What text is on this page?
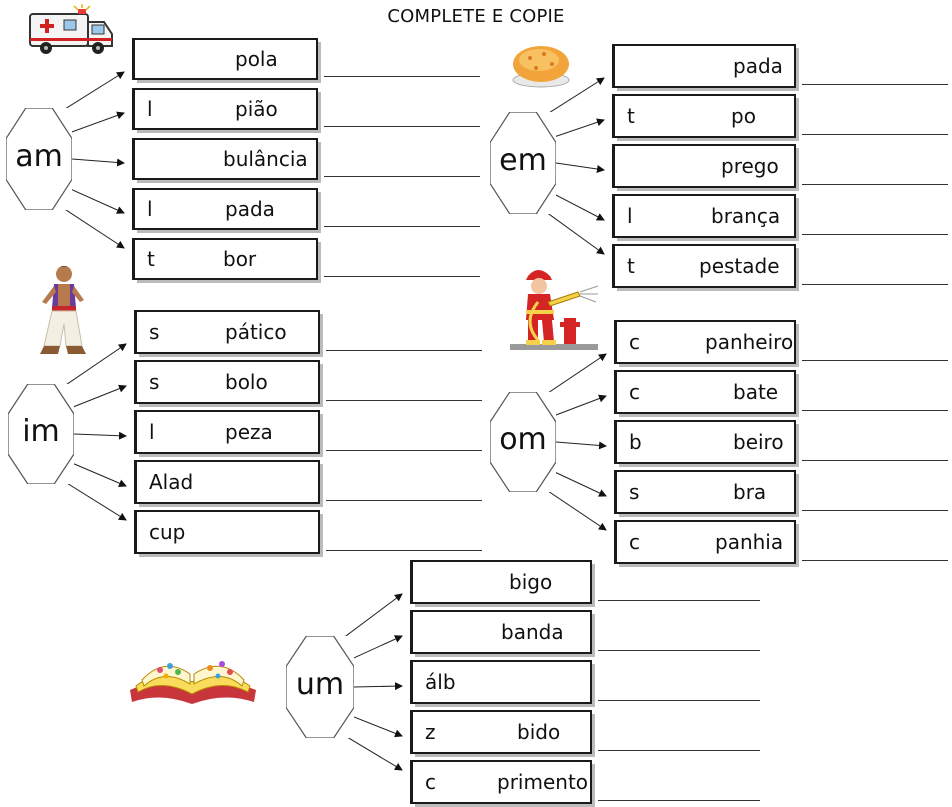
COMPLETE E COPIE
am
pola
l	pião
bulância
l	pada
t	bor
em
pada
t	po
prego
l	brança
t	pestade
im
s	pático
s	bolo
l	peza
Alad
cup
om
c	panheiro
c	bate
b	beiro
s	bra
c	panhia
um
bigo
banda
álb
z	bido
c	primento
